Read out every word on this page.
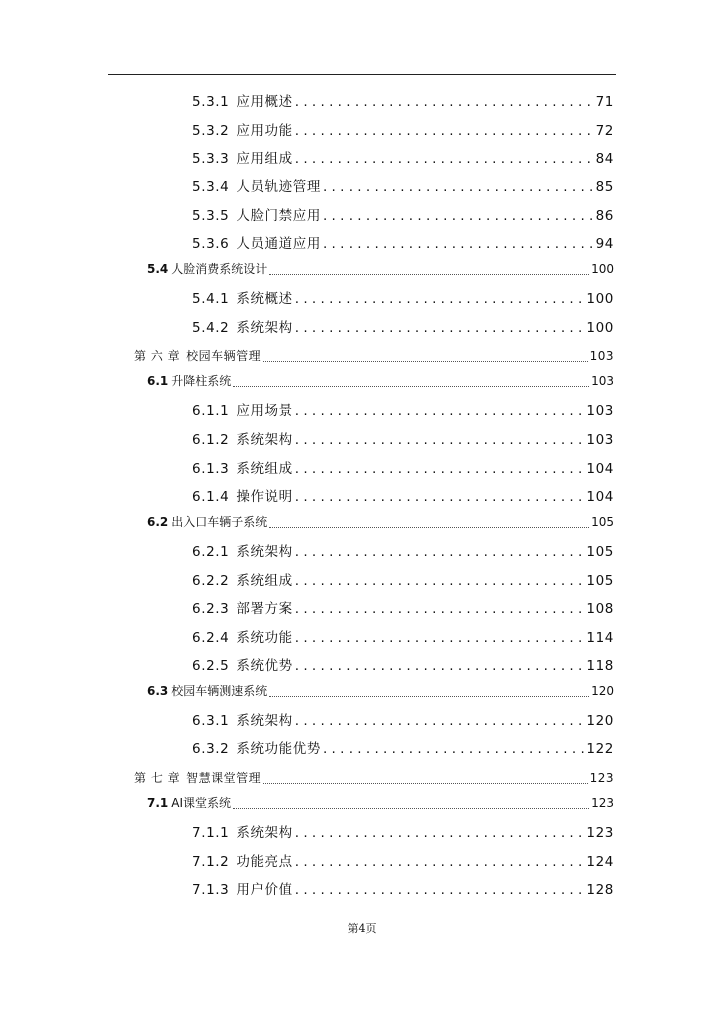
5.3.1 应用概述 . . .	71
5.3.2 应用功能 . . .	72
5.3.3 应用组成 . . .	84
5.3.4 人员轨迹管理 . . .	85
5.3.5 人脸门禁应用 . . .	86
5.3.6 人员通道应用 . . .	94
5.4 人脸消费系统设计	100
5.4.1 系统概述 . . .	100
5.4.2 系统架构 . . .	100
第 六 章 校园车辆管理	103
6.1 升降柱系统	103
6.1.1 应用场景 . . .	103
6.1.2 系统架构 . . .	103
6.1.3 系统组成 . . .	104
6.1.4 操作说明 . . .	104
6.2 出入口车辆子系统	105
6.2.1 系统架构 . . .	105
6.2.2 系统组成 . . .	105
6.2.3 部署方案 . . .	108
6.2.4 系统功能 . . .	114
6.2.5 系统优势 . . .	118
6.3 校园车辆测速系统	120
6.3.1 系统架构 . . .	120
6.3.2 系统功能优势 . . .	122
第 七 章 智慧课堂管理	123
7.1 AI课堂系统	123
7.1.1 系统架构 . . .	123
7.1.2 功能亮点 . . .	124
7.1.3 用户价值 . . .	128
第4页
